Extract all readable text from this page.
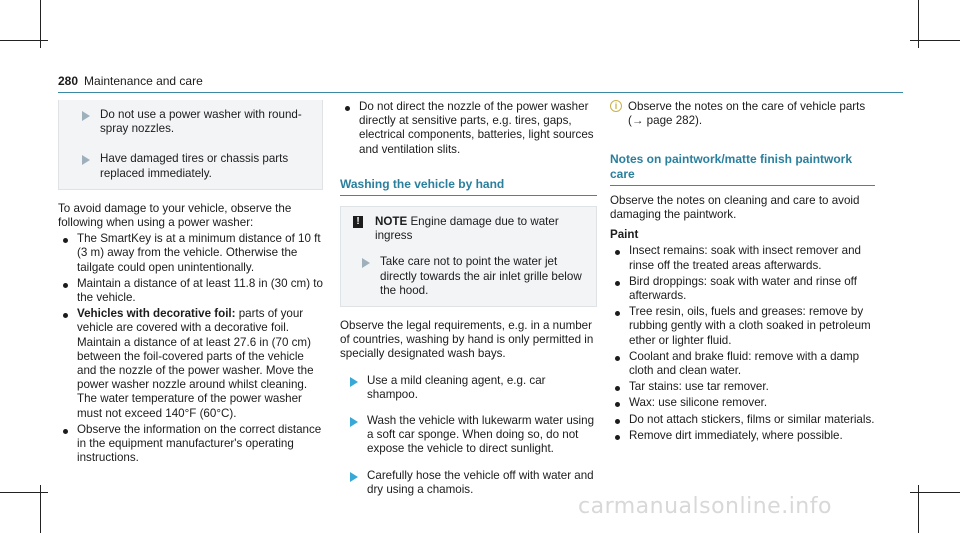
280 Maintenance and care

Do not use a power washer with round-spray nozzles.

Have damaged tires or chassis parts replaced immediately.

To avoid damage to your vehicle, observe the following when using a power washer:

The SmartKey is at a minimum distance of 10 ft (3 m) away from the vehicle. Otherwise the tailgate could open unintentionally.
Maintain a distance of at least 11.8 in (30 cm) to the vehicle.
Vehicles with decorative foil: parts of your vehicle are covered with a decorative foil. Maintain a distance of at least 27.6 in (70 cm) between the foil-covered parts of the vehicle and the nozzle of the power washer. Move the power washer nozzle around whilst cleaning. The water temperature of the power washer must not exceed 140°F (60°C).
Observe the information on the correct distance in the equipment manufacturer's operating instructions.
Do not direct the nozzle of the power washer directly at sensitive parts, e.g. tires, gaps, electrical components, batteries, light sources and ventilation slits.
Washing the vehicle by hand
! NOTE Engine damage due to water ingress

Take care not to point the water jet directly towards the air inlet grille below the hood.

Observe the legal requirements, e.g. in a number of countries, washing by hand is only permitted in specially designated wash bays.

Use a mild cleaning agent, e.g. car shampoo.

Wash the vehicle with lukewarm water using a soft car sponge. When doing so, do not expose the vehicle to direct sunlight.

Carefully hose the vehicle off with water and dry using a chamois.

i Observe the notes on the care of vehicle parts (→ page 282).

Notes on paintwork/matte finish paintwork care

Observe the notes on cleaning and care to avoid damaging the paintwork.

Paint

Insect remains: soak with insect remover and rinse off the treated areas afterwards.
Bird droppings: soak with water and rinse off afterwards.
Tree resin, oils, fuels and greases: remove by rubbing gently with a cloth soaked in petroleum ether or lighter fluid.
Coolant and brake fluid: remove with a damp cloth and clean water.
Tar stains: use tar remover.
Wax: use silicone remover.
Do not attach stickers, films or similar materials.
Remove dirt immediately, where possible.
carmanualsonline.info
